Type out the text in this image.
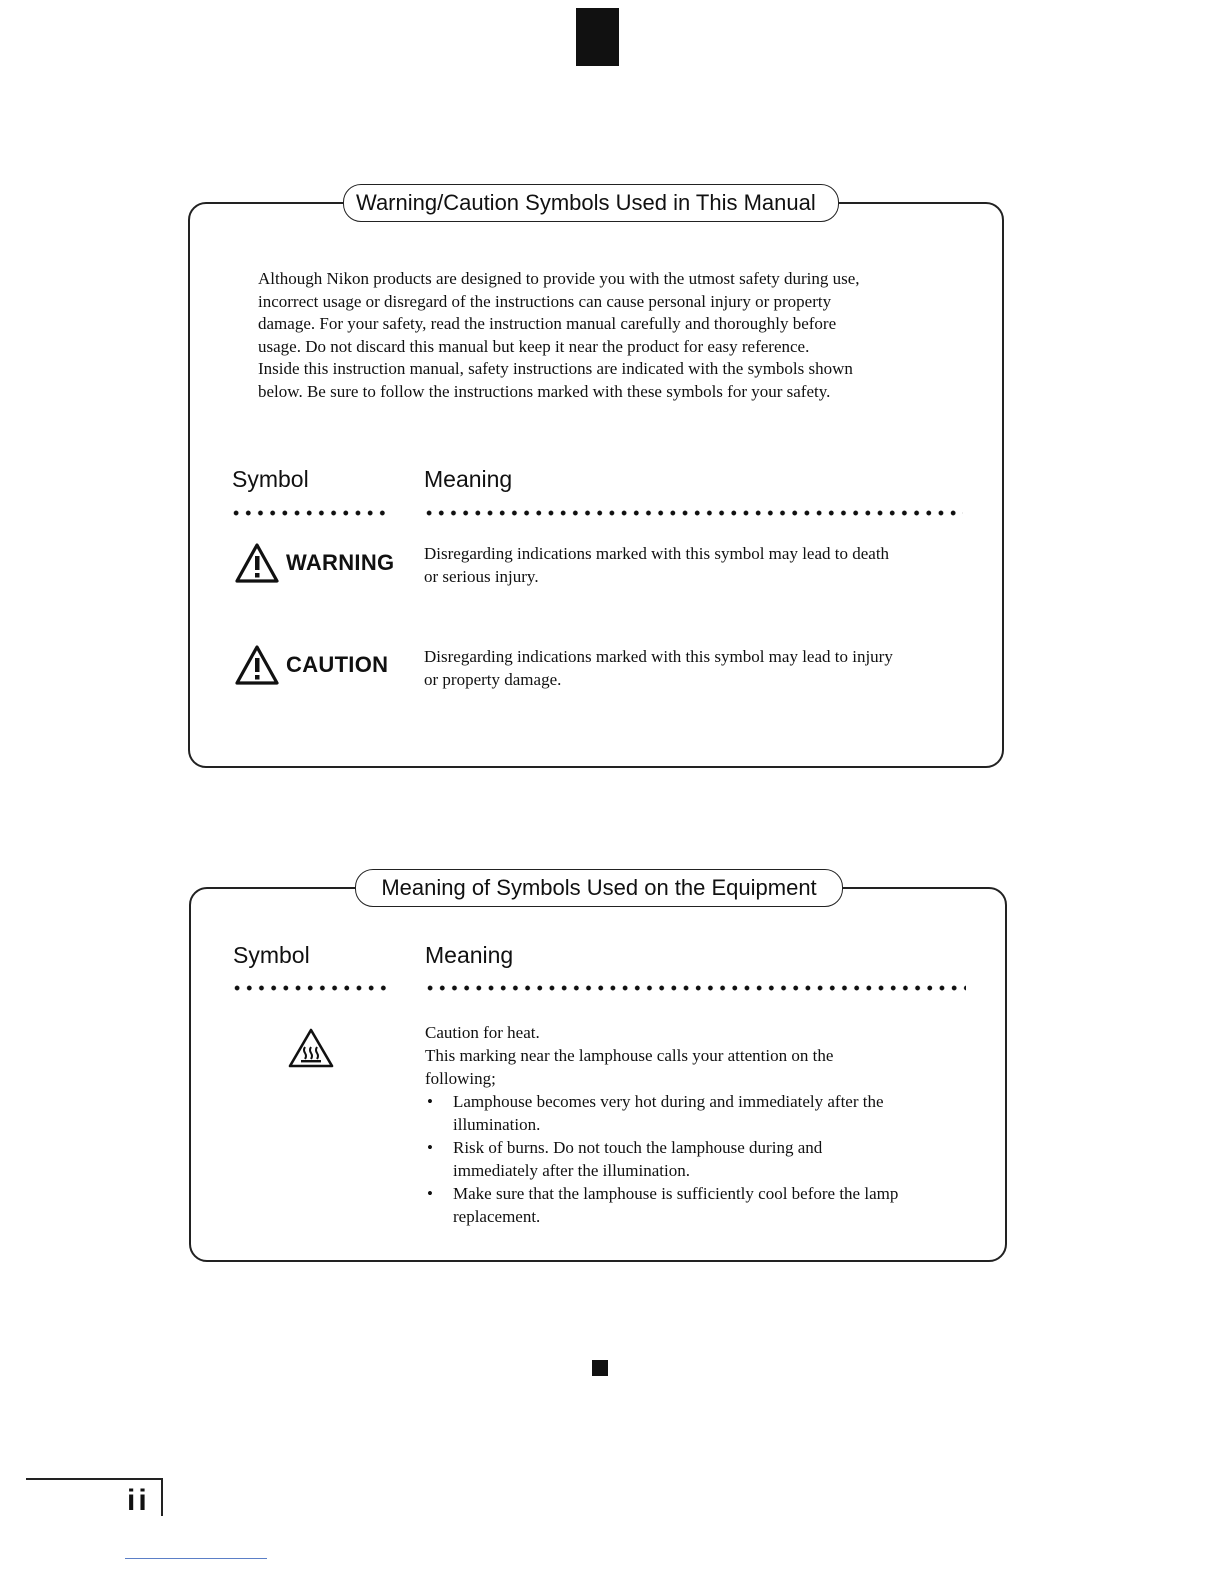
Warning/Caution Symbols Used in This Manual
Although Nikon products are designed to provide you with the utmost safety during use,
incorrect usage or disregard of the instructions can cause personal injury or property
damage. For your safety, read the instruction manual carefully and thoroughly before
usage. Do not discard this manual but keep it near the product for easy reference.
Inside this instruction manual, safety instructions are indicated with the symbols shown
below. Be sure to follow the instructions marked with these symbols for your safety.
Symbol	Meaning
WARNING Disregarding indications marked with this symbol may lead to death
or serious injury.
CAUTION Disregarding indications marked with this symbol may lead to injury
or property damage.
Meaning of Symbols Used on the Equipment
Symbol	Meaning
Caution for heat.
This marking near the lamphouse calls your attention on the
following;
• Lamphouse becomes very hot during and immediately after the
illumination.
• Risk of burns. Do not touch the lamphouse during and
immediately after the illumination.
• Make sure that the lamphouse is sufficiently cool before the lamp
replacement.
ii
